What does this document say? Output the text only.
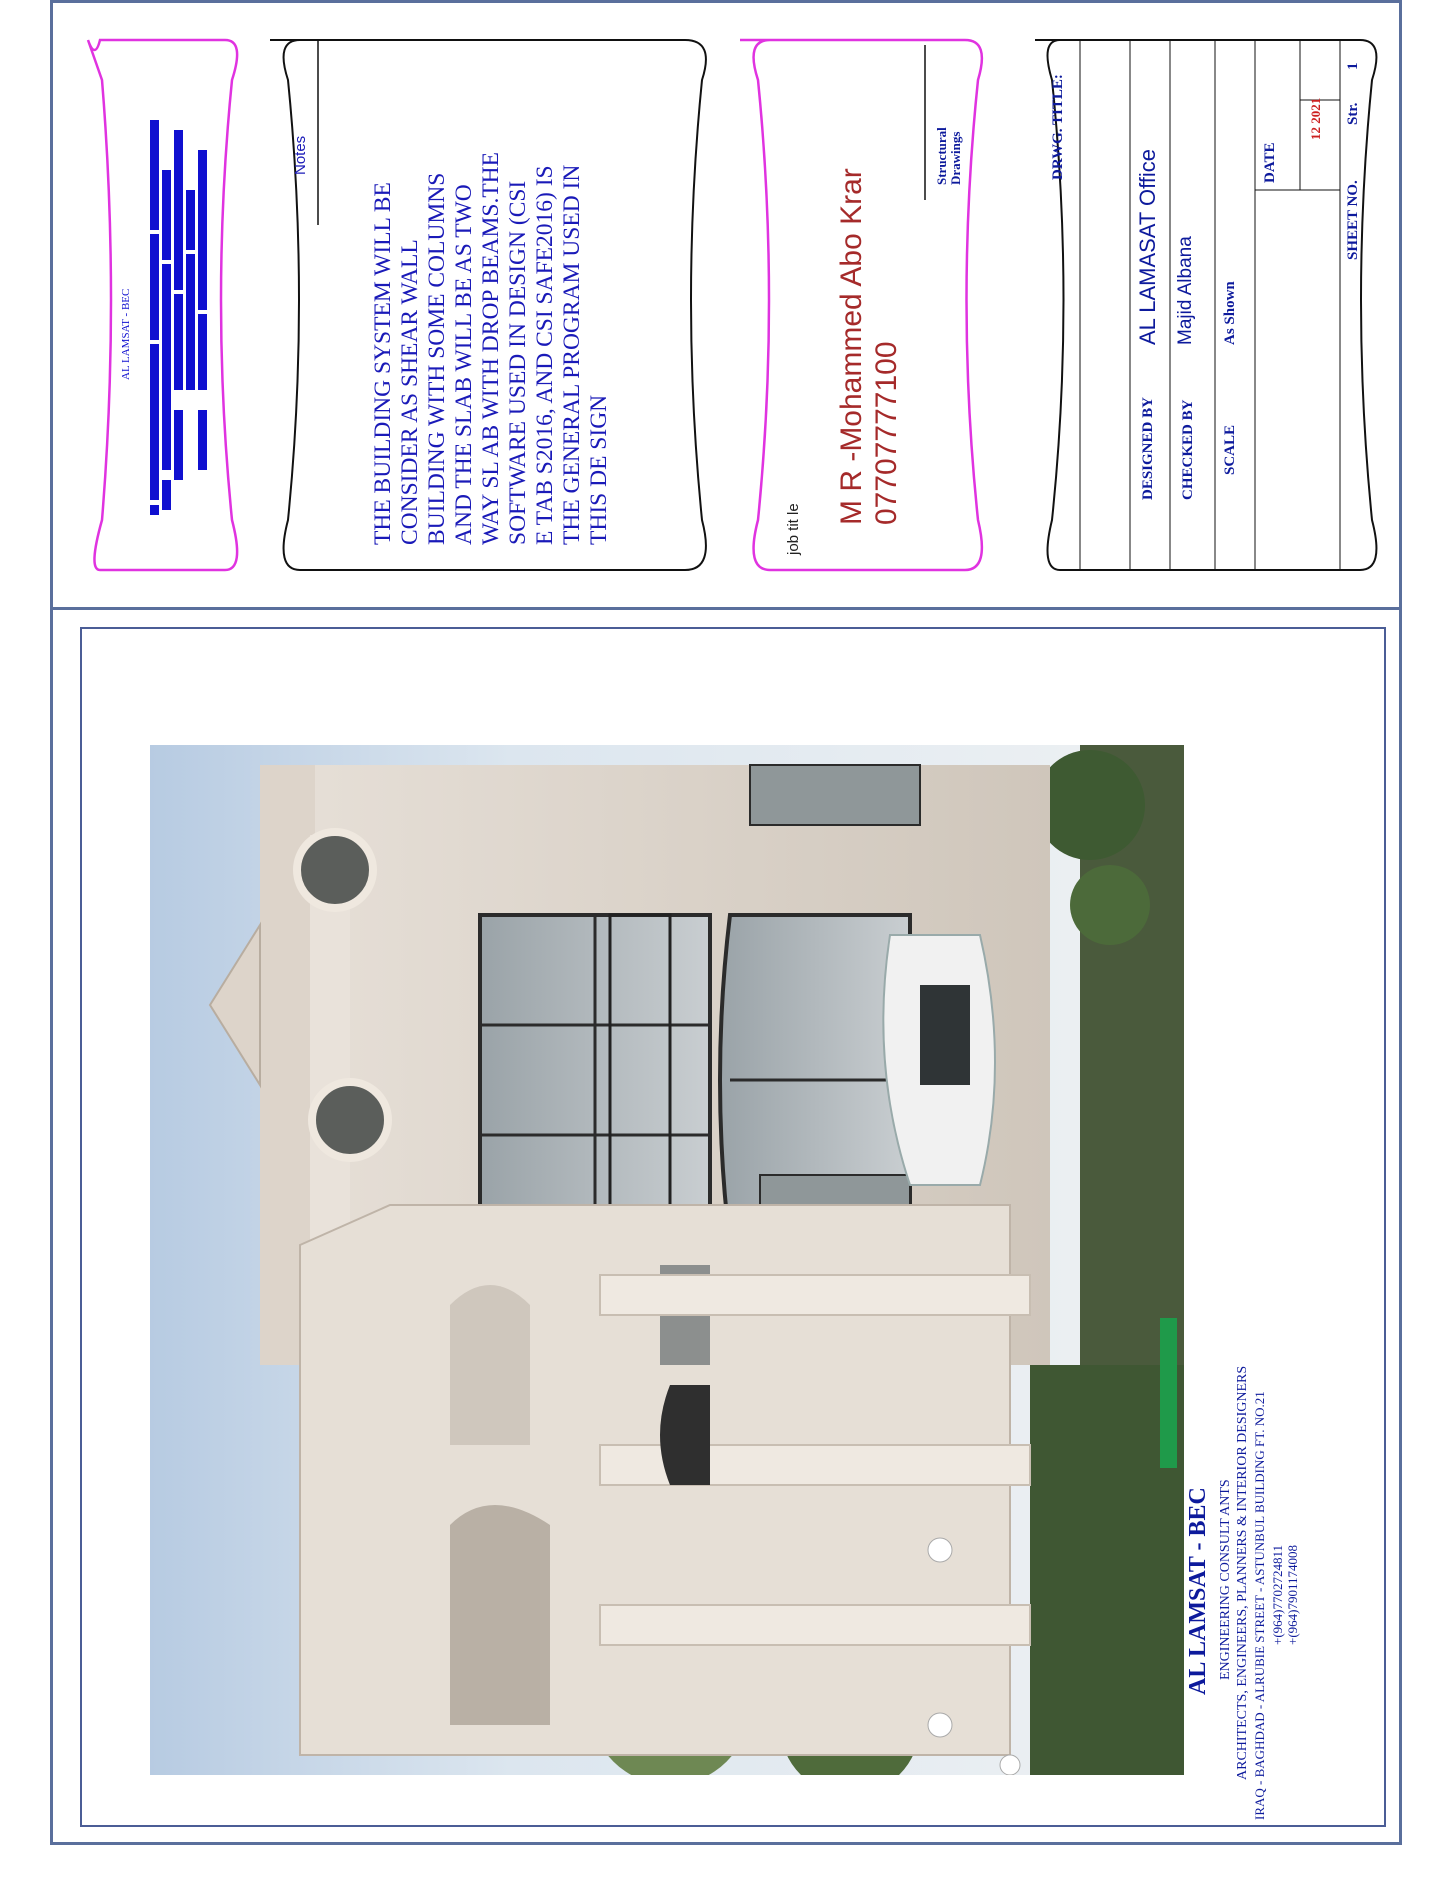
AL LAMSAT - BEC
Notes
THE BUILDING SYSTEM WILL BE CONSIDER AS SHEAR WALL BUILDING WITH SOME COLUMNS AND THE SLAB WILL BE AS TWO WAY SL AB WITH DROP BEAMS.THE SOFTWARE USED IN DESIGN (CSI E TAB S2016, AND CSI SAFE2016) IS THE GENERAL PROGRAM USED IN THIS DE SIGN	job tit le
M R -Mohammed Abo Krar 07707777100
Structural Drawings	DRWG. TITLE:
DESIGNED BY
AL LAMASAT Office
CHECKED BY
Majid Albana
SCALE
As Shown
DATE
12 2021
SHEET NO.
Str.
1
AL LAMSAT - BEC ENGINEERING CONSULT ANTS ARCHITECTS, ENGINEERS, PLANNERS & INTERIOR DESIGNERS IRAQ - BAGHDAD - ALRUBIE STREET - ASTUNBUL BUILDING FT. NO.21 +(964)7702724811 +(964)7901174008
